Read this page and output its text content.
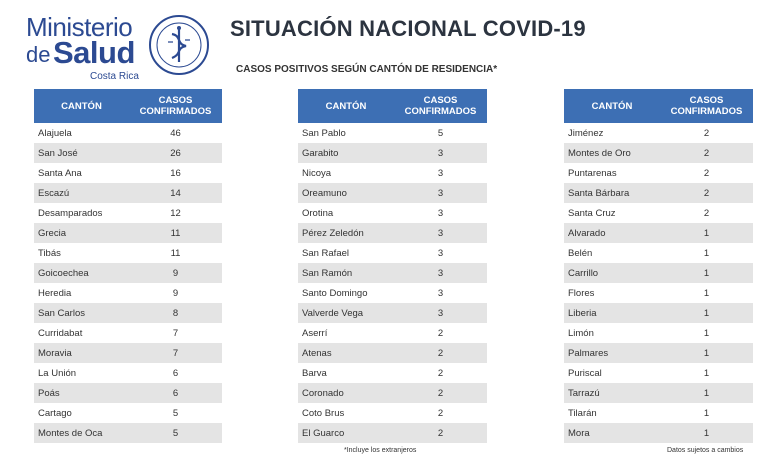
Ministerio
de Salud
Costa Rica
SITUACIÓN NACIONAL COVID-19
CASOS POSITIVOS SEGÚN CANTÓN DE RESIDENCIA*
CANTÓN	CASOS
CONFIRMADOS
Alajuela	46
San José	26
Santa Ana	16
Escazú	14
Desamparados	12
Grecia	11
Tibás	11
Goicoechea	9
Heredia	9
San Carlos	8
Curridabat	7
Moravia	7
La Unión	6
Poás	6
Cartago	5
Montes de Oca	5
CANTÓN	CASOS
CONFIRMADOS
San Pablo	5
Garabito	3
Nicoya	3
Oreamuno	3
Orotina	3
Pérez Zeledón	3
San Rafael	3
San Ramón	3
Santo Domingo	3
Valverde Vega	3
Aserrí	2
Atenas	2
Barva	2
Coronado	2
Coto Brus	2
El Guarco	2
CANTÓN	CASOS
CONFIRMADOS
Jiménez	2
Montes de Oro	2
Puntarenas	2
Santa Bárbara	2
Santa Cruz	2
Alvarado	1
Belén	1
Carrillo	1
Flores	1
Liberia	1
Limón	1
Palmares	1
Puriscal	1
Tarrazú	1
Tilarán	1
Mora	1
*Incluye los extranjeros	Datos sujetos a cambios
